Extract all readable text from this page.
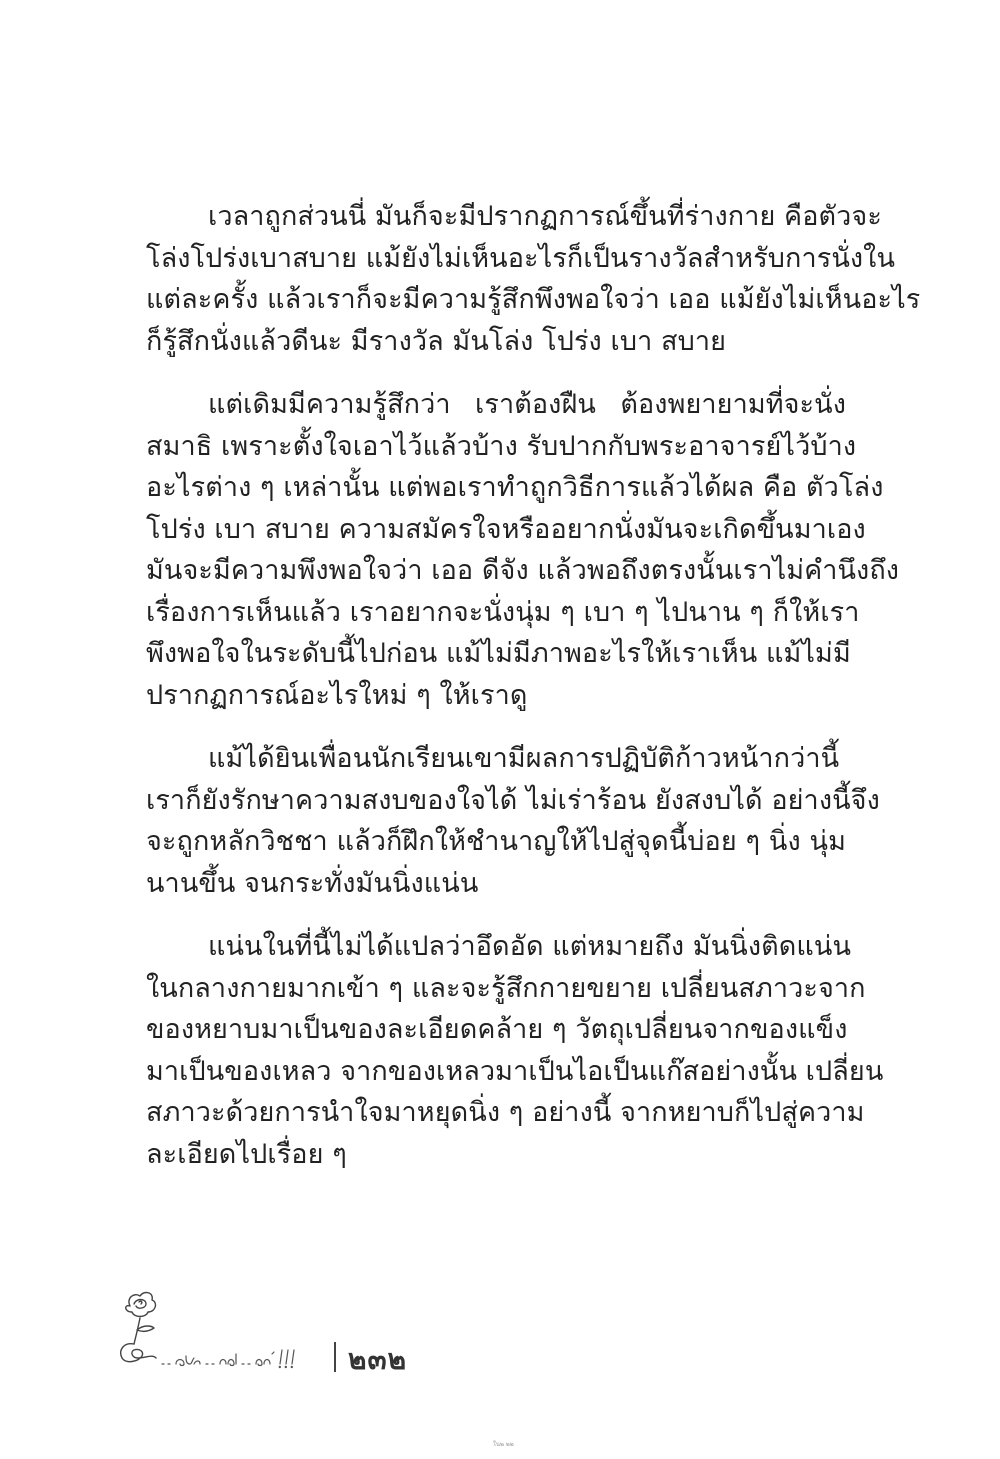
เวลาถูกส่วนนี่ มันก็จะมีปรากฏการณ์ขึ้นที่ร่างกาย คือตัวจะ
โล่งโปร่งเบาสบาย แม้ยังไม่เห็นอะไรก็เป็นรางวัลสำหรับการนั่งใน
แต่ละครั้ง แล้วเราก็จะมีความรู้สึกพึงพอใจว่า เออ แม้ยังไม่เห็นอะไร
ก็รู้สึกนั่งแล้วดีนะ มีรางวัล มันโล่ง โปร่ง เบา สบาย
แต่เดิมมีความรู้สึกว่า เราต้องฝืน ต้องพยายามที่จะนั่ง
สมาธิ เพราะตั้งใจเอาไว้แล้วบ้าง รับปากกับพระอาจารย์ไว้บ้าง
อะไรต่าง ๆ เหล่านั้น แต่พอเราทำถูกวิธีการแล้วได้ผล คือ ตัวโล่ง
โปร่ง เบา สบาย ความสมัครใจหรืออยากนั่งมันจะเกิดขึ้นมาเอง
มันจะมีความพึงพอใจว่า เออ ดีจัง แล้วพอถึงตรงนั้นเราไม่คำนึงถึง
เรื่องการเห็นแล้ว เราอยากจะนั่งนุ่ม ๆ เบา ๆ ไปนาน ๆ ก็ให้เรา
พึงพอใจในระดับนี้ไปก่อน แม้ไม่มีภาพอะไรให้เราเห็น แม้ไม่มี
ปรากฏการณ์อะไรใหม่ ๆ ให้เราดู
แม้ได้ยินเพื่อนนักเรียนเขามีผลการปฏิบัติก้าวหน้ากว่านี้
เราก็ยังรักษาความสงบของใจได้ ไม่เร่าร้อน ยังสงบได้ อย่างนี้จึง
จะถูกหลักวิชชา แล้วก็ฝึกให้ชำนาญให้ไปสู่จุดนี้บ่อย ๆ นิ่ง นุ่ม
นานขึ้น จนกระทั่งมันนิ่งแน่น
แน่นในที่นี้ไม่ได้แปลว่าอึดอัด แต่หมายถึง มันนิ่งติดแน่น
ในกลางกายมากเข้า ๆ และจะรู้สึกกายขยาย เปลี่ยนสภาวะจาก
ของหยาบมาเป็นของละเอียดคล้าย ๆ วัตถุเปลี่ยนจากของแข็ง
มาเป็นของเหลว จากของเหลวมาเป็นไอเป็นแก๊สอย่างนั้น เปลี่ยน
สภาวะด้วยการนำใจมาหยุดนิ่ง ๆ อย่างนี้ จากหยาบก็ไปสู่ความ
ละเอียดไปเรื่อย ๆ
๒๓๒
ใน๒ ๒๒
